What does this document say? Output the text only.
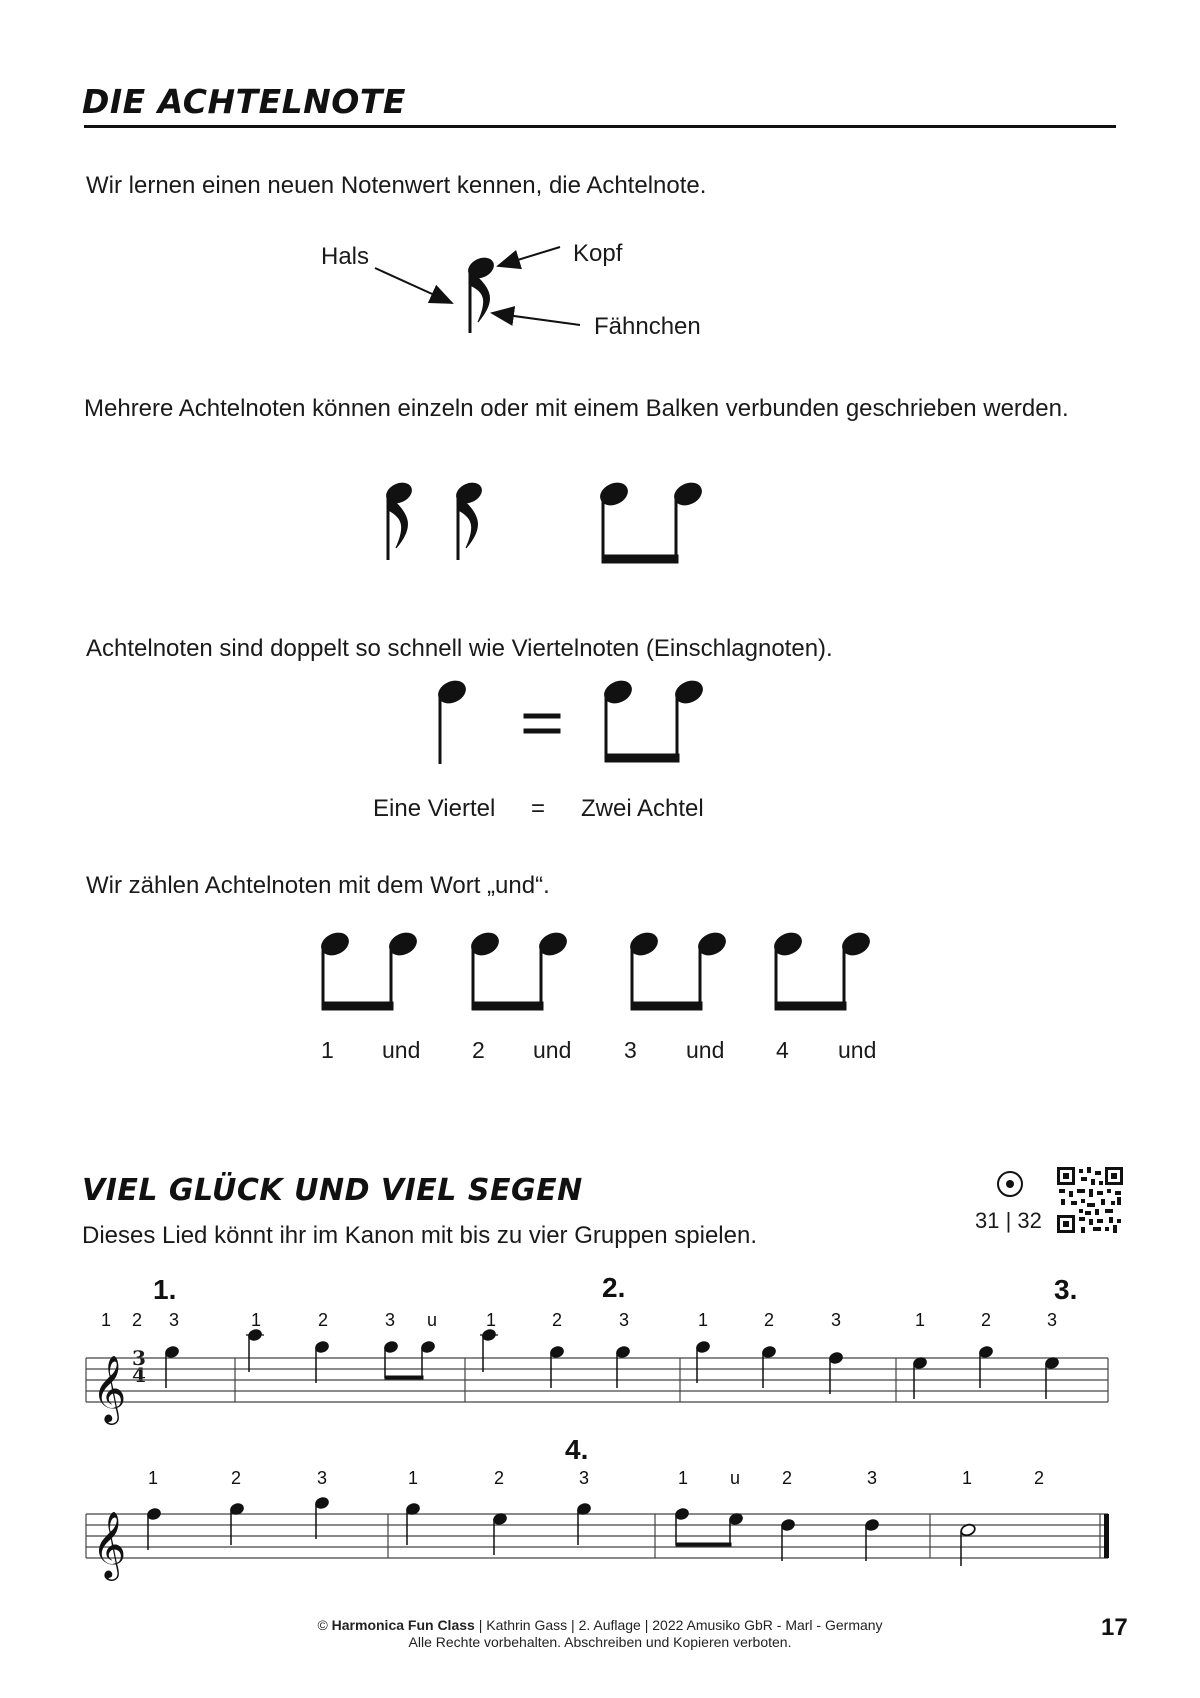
DIE ACHTELNOTE
Wir lernen einen neuen Notenwert kennen, die Achtelnote.
Hals	Kopf
Fähnchen
Mehrere Achtelnoten können einzeln oder mit einem Balken verbunden geschrieben werden.
Achtelnoten sind doppelt so schnell wie Viertelnoten (Einschlagnoten).
Eine Viertel = Zwei Achtel
Wir zählen Achtelnoten mit dem Wort „und“.
1 und 2 und 3 und 4 und
VIEL GLÜCK UND VIEL SEGEN
Dieses Lied könnt ihr im Kanon mit bis zu vier Gruppen spielen.
31 | 32
1.	2.	3.
4.
1 2 3	1	2	3 u	1	2	3	1	2	3	1	2	3
1	2	3	1	2	3	1 u 2	3	1	2
3
4
𝄞
𝄞
© Harmonica Fun Class | Kathrin Gass | 2. Auflage | 2022 Amusiko GbR - Marl - Germany
Alle Rechte vorbehalten. Abschreiben und Kopieren verboten.
17
